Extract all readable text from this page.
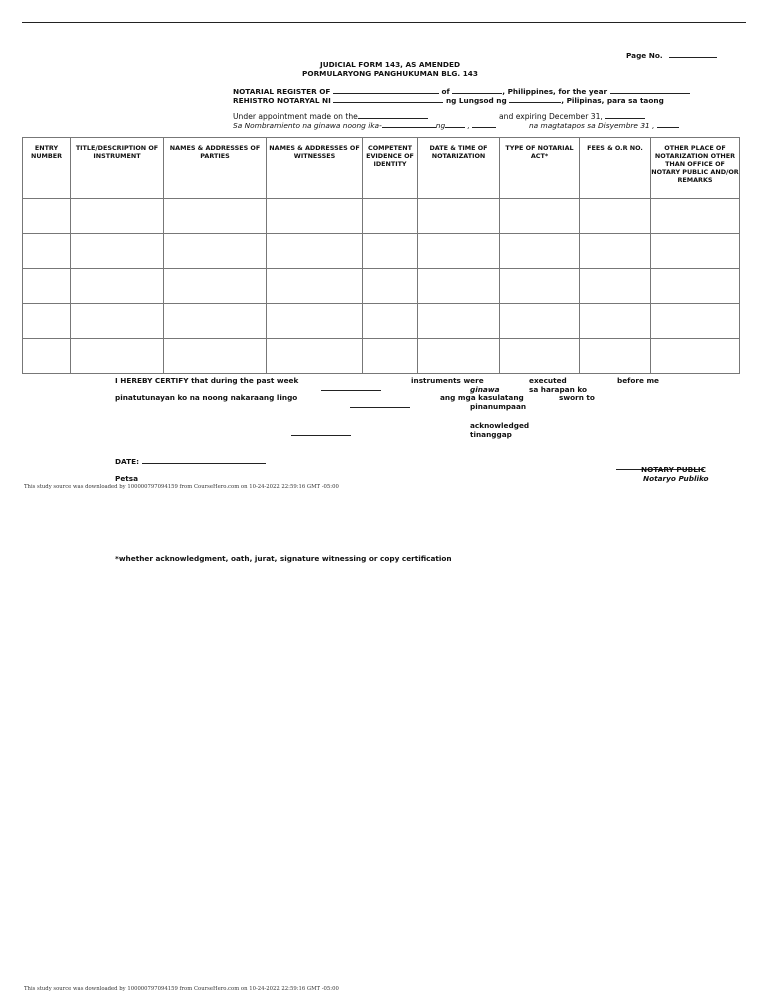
Page No.
JUDICIAL FORM 143, AS AMENDED
PORMULARYONG PANGHUKUMAN BLG. 143
NOTARIAL REGISTER OF	of	, Philippines, for the year
REHISTRO NOTARYAL NI	ng Lungsod ng	, Pilipinas, para sa taong
Under appointment made on the	and expiring December 31,
Sa Nombramiento na ginawa noong ika-	ng	,	na magtatapos sa Disyembre 31 ,
ENTRY NUMBER	TITLE/DESCRIPTION OF INSTRUMENT	NAMES & ADDRESSES OF PARTIES	NAMES & ADDRESSES OF WITNESSES	COMPETENT EVIDENCE OF IDENTITY	DATE & TIME OF NOTARIZATION	TYPE OF NOTARIAL ACT*	FEES & O.R NO.	OTHER PLACE OF NOTARIZATION OTHER THAN OFFICE OF NOTARY PUBLIC AND/OR REMARKS

I HEREBY CERTIFY that during the past week	instruments were	executed	before me
ginawa	sa harapan ko
pinatutunayan ko na noong nakaraang lingo	ang mga kasulatang	sworn to
pinanumpaan
acknowledged
tinanggap
DATE:
NOTARY PUBLIC
Notaryo Publiko
Petsa
This study source was downloaded by 100000797094159 from CourseHero.com on 10-24-2022 22:59:16 GMT -05:00
*whether acknowledgment, oath, jurat, signature witnessing or copy certification
This study source was downloaded by 100000797094159 from CourseHero.com on 10-24-2022 22:59:16 GMT -05:00
